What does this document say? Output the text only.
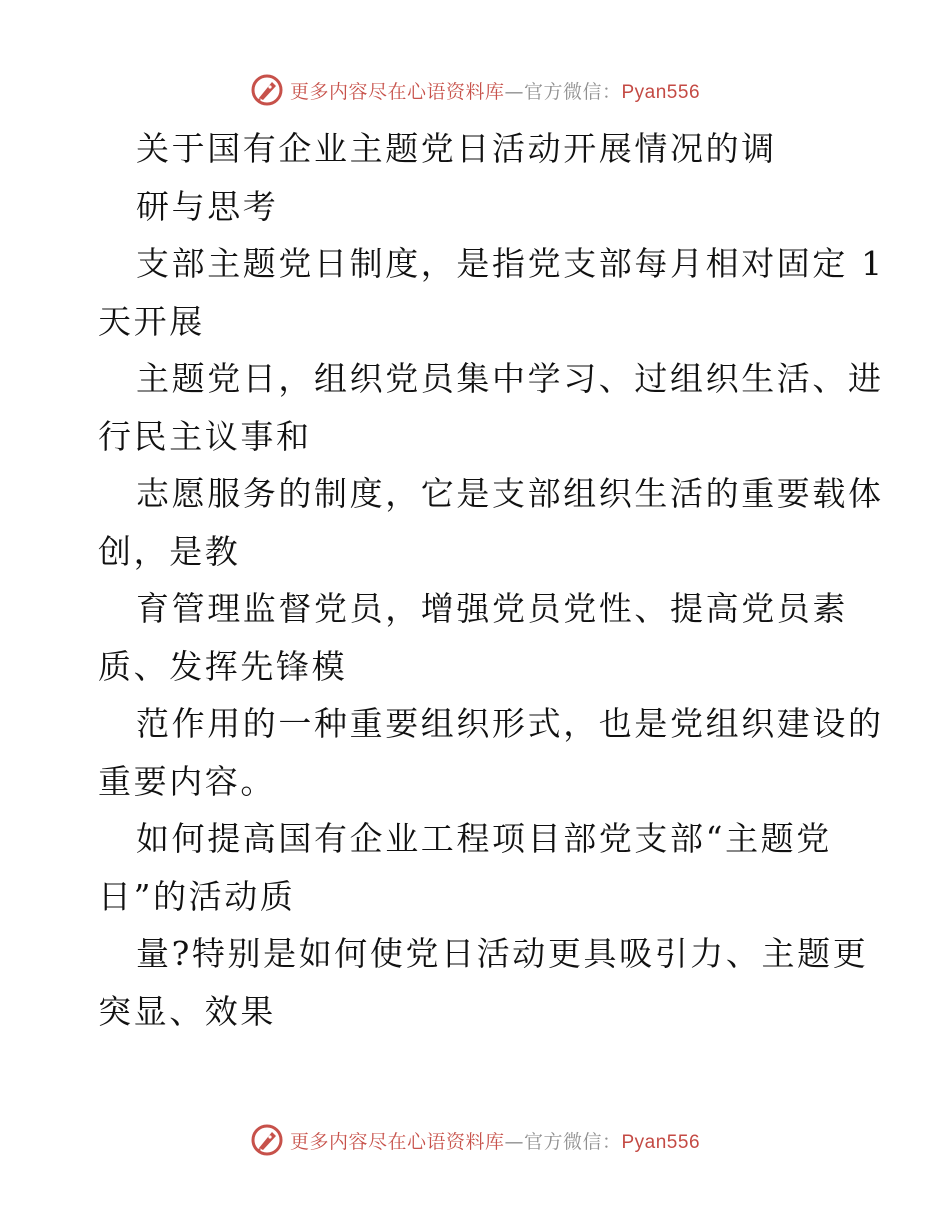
更多内容尽在心语资料库—官方微信：Pyan556
关于国有企业主题党日活动开展情况的调
研与思考
支部主题党日制度，是指党支部每月相对固定 1
天开展
主题党日，组织党员集中学习、过组织生活、进
行民主议事和
志愿服务的制度，它是支部组织生活的重要载体
创，是教
育管理监督党员，增强党员党性、提高党员素
质、发挥先锋模
范作用的一种重要组织形式，也是党组织建设的
重要内容。
如何提高国有企业工程项目部党支部“主题党
日”的活动质
量?特别是如何使党日活动更具吸引力、主题更
突显、效果
更多内容尽在心语资料库—官方微信：Pyan556
